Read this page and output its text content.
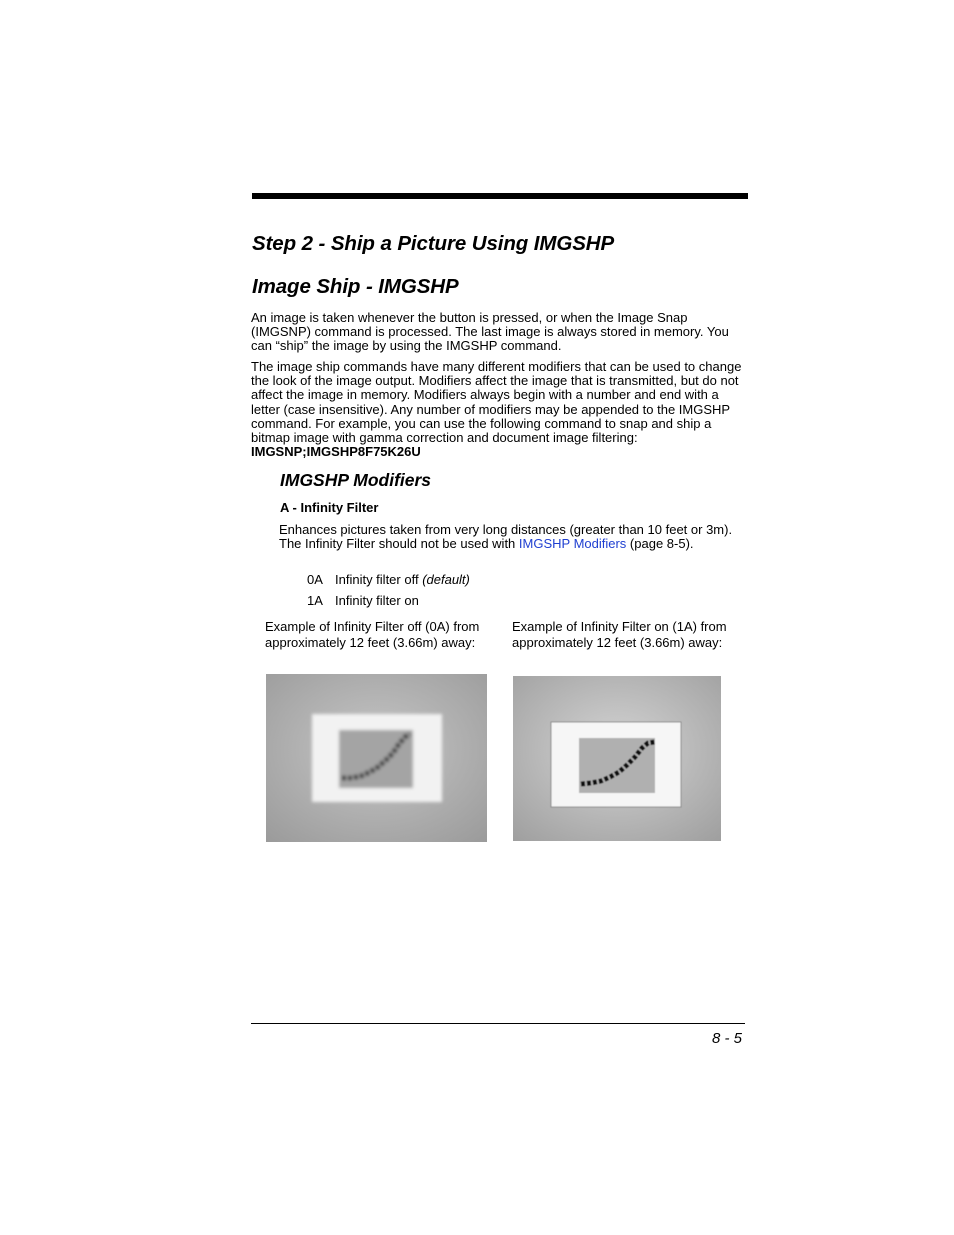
Step 2 - Ship a Picture Using IMGSHP
Image Ship - IMGSHP

An image is taken whenever the button is pressed, or when the Image Snap (IMGSNP) command is processed. The last image is always stored in memory. You can “ship” the image by using the IMGSHP command.

The image ship commands have many different modifiers that can be used to change the look of the image output. Modifiers affect the image that is transmitted, but do not affect the image in memory. Modifiers always begin with a number and end with a letter (case insensitive). Any number of modifiers may be appended to the IMGSHP command. For example, you can use the following command to snap and ship a bitmap image with gamma correction and document image filtering: IMGSNP;IMGSHP8F75K26U

IMGSHP Modifiers
A - Infinity Filter

Enhances pictures taken from very long distances (greater than 10 feet or 3m). The Infinity Filter should not be used with IMGSHP Modifiers (page 8-5).

0A Infinity filter off (default)
1A Infinity filter on
Example of Infinity Filter off (0A) from approximately 12 feet (3.66m) away:
Example of Infinity Filter on (1A) from approximately 12 feet (3.66m) away:
8 - 5
